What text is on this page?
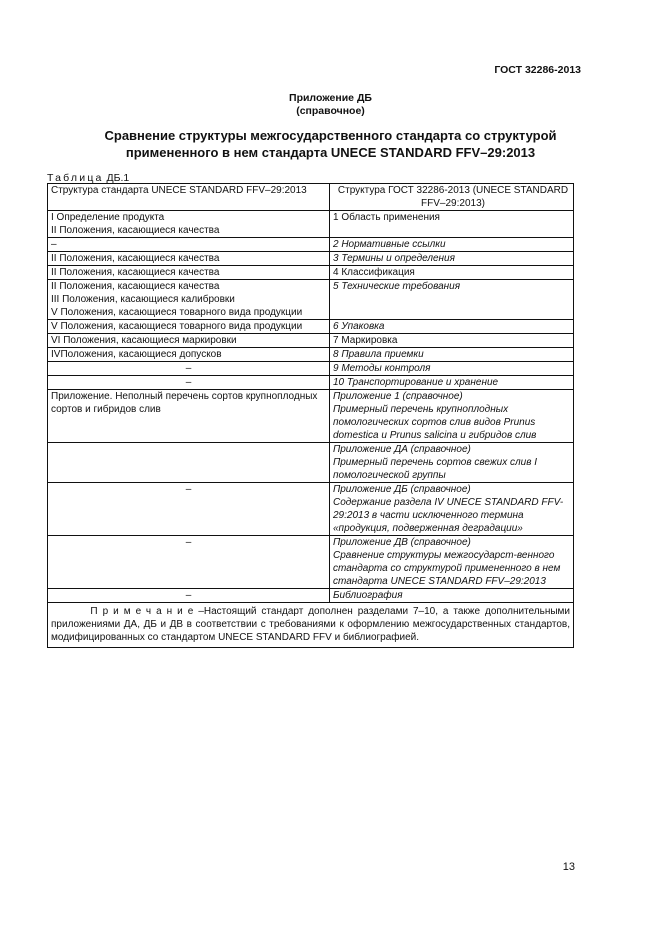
ГОСТ 32286-2013
Приложение ДБ
(справочное)
Сравнение структуры межгосударственного стандарта со структурой
примененного в нем стандарта UNECE STANDARD FFV–29:2013
Таблица ДБ.1
Структура стандарта UNECE STANDARD FFV–29:2013	Структура ГОСТ 32286-2013 (UNECE STANDARD FFV–29:2013)

I Определение продукта
II Положения, касающиеся качества	1 Область применения

–	2 Нормативные ссылки

II Положения, касающиеся качества	3 Термины и определения

II Положения, касающиеся качества	4 Классификация

II Положения, касающиеся качества
III Положения, касающиеся калибровки
V Положения, касающиеся товарного вида продукции	5 Технические требования

V Положения, касающиеся товарного вида продукции	6 Упаковка

VI Положения, касающиеся маркировки	7 Маркировка

IVПоложения, касающиеся допусков	8 Правила приемки

–	9 Методы контроля

–	10 Транспортирование и хранение

Приложение. Неполный перечень сортов крупноплодных сортов и гибридов слив	Приложение 1 (справочное)
Примерный перечень крупноплодных помологических сортов слив видов Prunus domestica и Prunus salicina и гибридов слив

	Приложение ДА (справочное)
Примерный перечень сортов свежих слив I помологической группы

–	Приложение ДБ (справочное)
Содержание раздела IV UNECE STANDARD FFV-29:2013 в части исключенного термина «продукция, подверженная деградации»

–	Приложение ДВ (справочное)
Сравнение структуры межгосударст-венного стандарта со структурой примененного в нем стандарта UNECE STANDARD FFV–29:2013

–	Библиография

Примечание–Настоящий стандарт дополнен разделами 7–10, а также дополнительными приложениями ДА, ДБ и ДВ в соответствии с требованиями к оформлению межгосударственных стандартов, модифицированных со стандартом UNECE STANDARD FFV и библиографией.	
13
